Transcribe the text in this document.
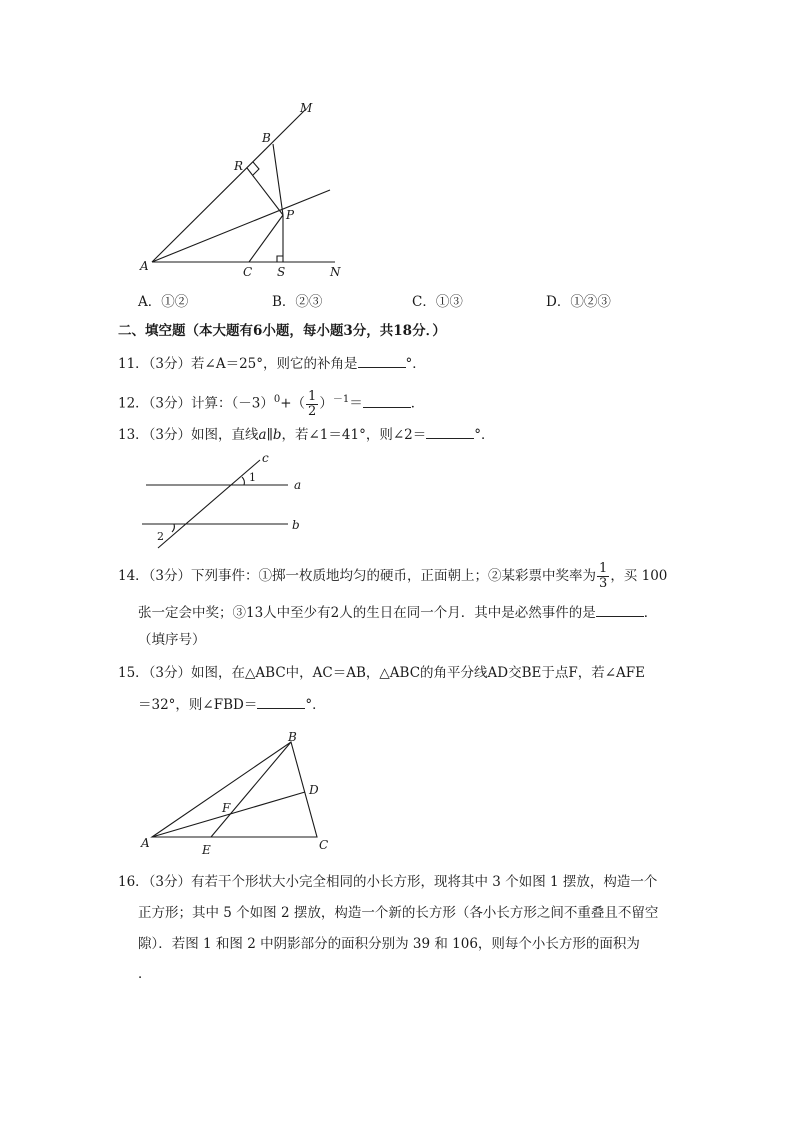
M
B
R
P
A	C S	N
A．①②	B．②③	C．①③	D．①②③
二、填空题（本大题有6小题，每小题3分，共18分．）
11．（3分）若∠A＝25°，则它的补角是	°．
12．（3分）计算：$(-3)^0+( \frac{1}{2} )^{-1}=$	．
13．（3分）如图，直线a∥b，若∠1＝41°，则∠2＝	°．
c
1
a
b
2
14．（3分）下列事件：①掷一枚质地均匀的硬币，正面朝上；②某彩票中奖率为 $\frac{1}{3}$ ，买 100
张一定会中奖；③13人中至少有2人的生日在同一个月．其中是必然事件的是	．
（填序号）
15．（3分）如图，在△ABC中，AC＝AB，△ABC的角平分线AD交BE于点F，若∠AFE
＝32°，则∠FBD＝	°．
B
D
F
A	E	C
16．（3分）有若干个形状大小完全相同的小长方形，现将其中 3 个如图 1 摆放，构造一个
正方形；其中 5 个如图 2 摆放，构造一个新的长方形（各小长方形之间不重叠且不留空
隙）．若图 1 和图 2 中阴影部分的面积分别为 39 和 106，则每个小长方形的面积为
．
